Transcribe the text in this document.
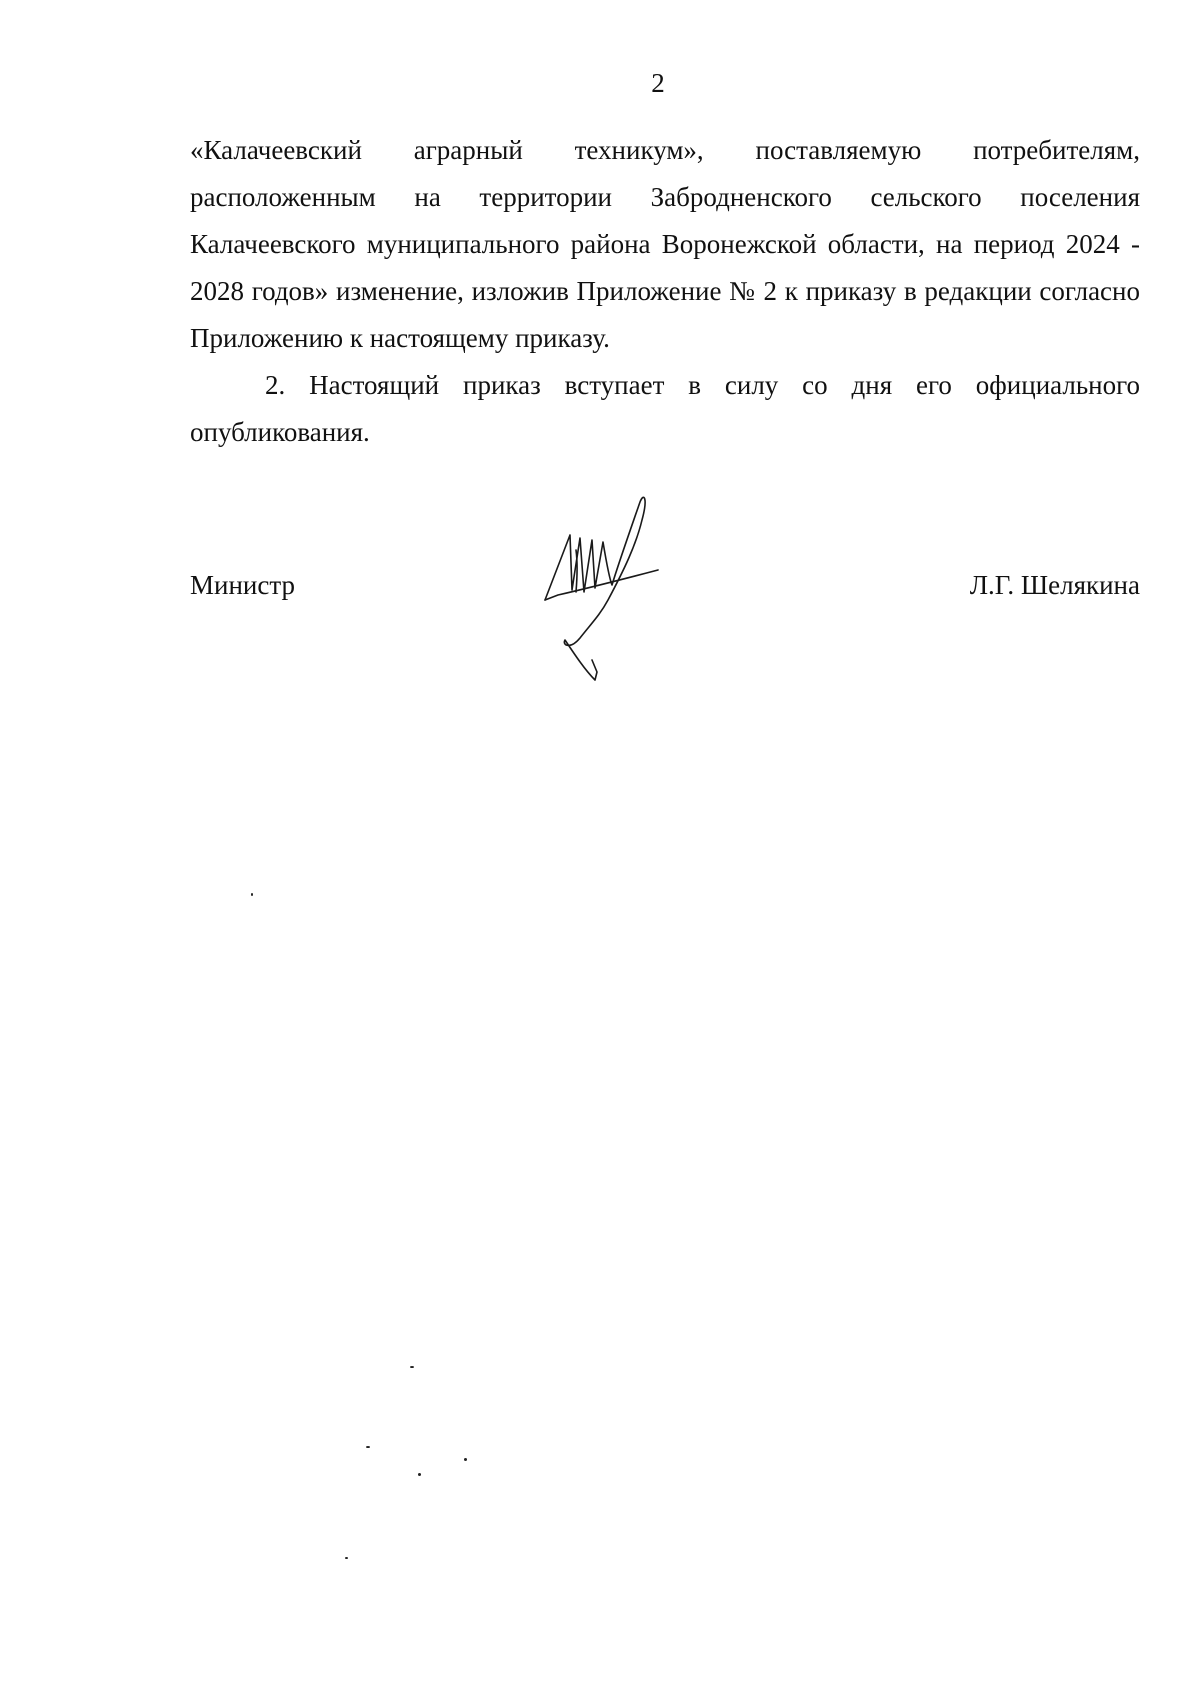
2

«Калачеевский аграрный техникум», поставляемую потребителям, расположенным на территории Забродненского сельского поселения Калачеевского муниципального района Воронежской области, на период 2024 - 2028 годов» изменение, изложив Приложение № 2 к приказу в редакции согласно Приложению к настоящему приказу.

2. Настоящий приказ вступает в силу со дня его официального опубликования.

Министр	Л.Г. Шелякина
